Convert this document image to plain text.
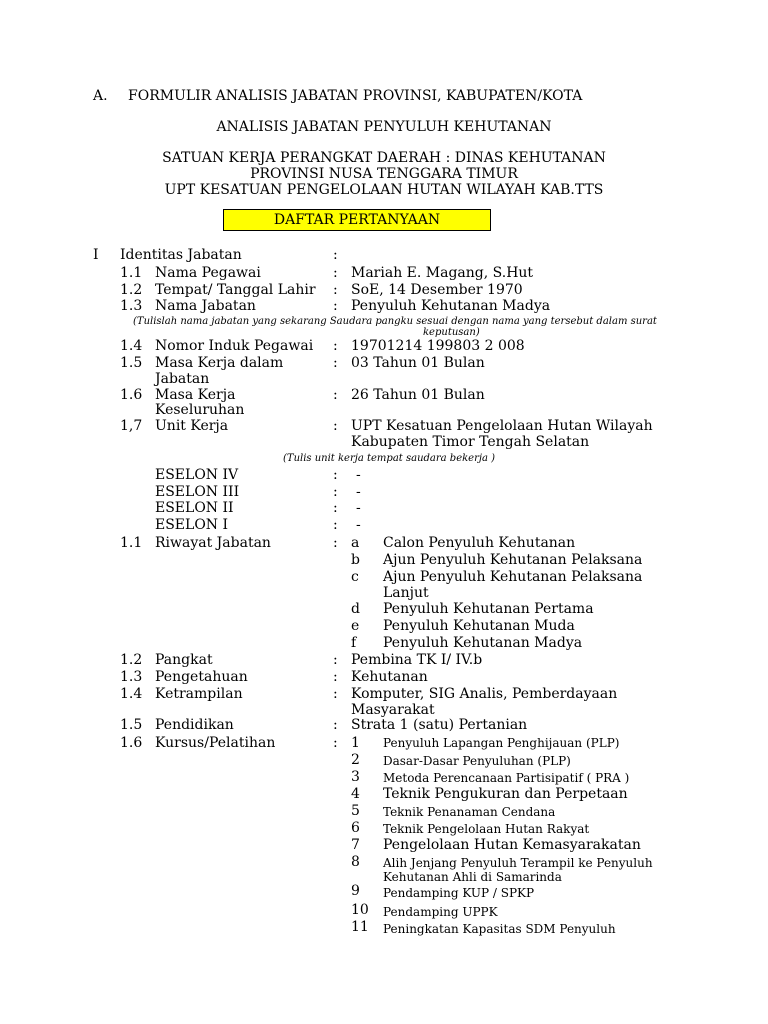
A. FORMULIR ANALISIS JABATAN PROVINSI, KABUPATEN/KOTA
ANALISIS JABATAN PENYULUH KEHUTANAN
SATUAN KERJA PERANGKAT DAERAH : DINAS KEHUTANAN
PROVINSI NUSA TENGGARA TIMUR
UPT KESATUAN PENGELOLAAN HUTAN WILAYAH KAB.TTS
DAFTAR PERTANYAAN
I Identitas Jabatan	:
1.1 Nama Pegawai	: Mariah E. Magang, S.Hut
1.2 Tempat/ Tanggal Lahir : SoE, 14 Desember 1970
1.3 Nama Jabatan	: Penyuluh Kehutanan Madya
(Tulislah nama jabatan yang sekarang Saudara pangku sesuai dengan nama yang tersebut dalam surat
keputusan)
1.4 Nomor Induk Pegawai : 19701214 199803 2 008
1.5 Masa Kerja dalam
Jabatan
: 03 Tahun 01 Bulan
1.6 Masa Kerja
Keseluruhan
: 26 Tahun 01 Bulan
1,7 Unit Kerja	: UPT Kesatuan Pengelolaan Hutan Wilayah
Kabupaten Timor Tengah Selatan
(Tulis unit kerja tempat saudara bekerja )
ESELON IV	: -
ESELON III	: -
ESELON II	: -
ESELON I	: -
1.1 Riwayat Jabatan	: a Calon Penyuluh Kehutanan
b Ajun Penyuluh Kehutanan Pelaksana
c Ajun Penyuluh Kehutanan Pelaksana
Lanjut
d Penyuluh Kehutanan Pertama
e Penyuluh Kehutanan Muda
f Penyuluh Kehutanan Madya
1.2 Pangkat	: Pembina TK I/ IV.b
1.3 Pengetahuan	: Kehutanan
1.4 Ketrampilan	: Komputer, SIG Analis, Pemberdayaan
Masyarakat
1.5 Pendidikan	: Strata 1 (satu) Pertanian
1.6 Kursus/Pelatihan	: 1 Penyuluh Lapangan Penghijauan (PLP)
2 Dasar-Dasar Penyuluhan (PLP)
3 Metoda Perencanaan Partisipatif ( PRA )
4 Teknik Pengukuran dan Perpetaan
5 Teknik Penanaman Cendana
6 Teknik Pengelolaan Hutan Rakyat
7 Pengelolaan Hutan Kemasyarakatan
8 Alih Jenjang Penyuluh Terampil ke Penyuluh
Kehutanan Ahli di Samarinda
9 Pendamping KUP / SPKP
10 Pendamping UPPK
11 Peningkatan Kapasitas SDM Penyuluh
